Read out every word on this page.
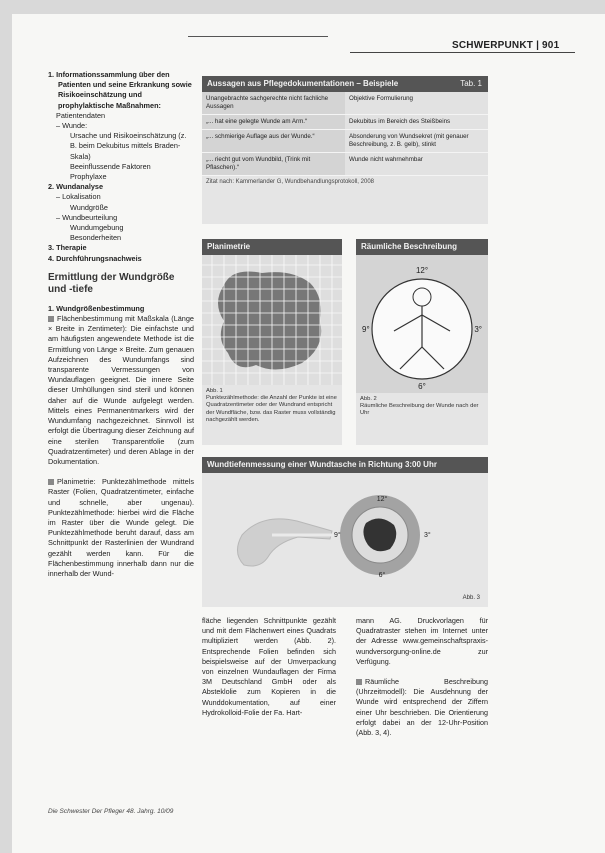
SCHWERPUNKT | 901
1. Informationssammlung über den Patienten und seine Erkrankung sowie Risikoeinschätzung und prophylaktische Maßnahmen:
Patientendaten
– Wunde:
Ursache und Risikoeinschätzung (z. B. beim Dekubitus mittels Braden-Skala)
Beeinflussende Faktoren
Prophylaxe
2. Wundanalyse
– Lokalisation
Wundgröße
– Wundbeurteilung
Wundumgebung
Besonderheiten
3. Therapie
4. Durchführungsnachweis
Ermittlung der Wundgröße und -tiefe
1. Wundgrößenbestimmung
Flächenbestimmung mit Maßskala (Länge × Breite in Zentimeter): Die einfachste und am häufigsten angewendete Methode ist die Ermittlung von Länge × Breite. Zum genauen Aufzeichnen des Wundumfangs sind transparente Vermessungen von Wundauflagen geeignet. Die innere Seite dieser Umhüllungen sind steril und können daher auf die Wunde aufgelegt werden. Mittels eines Permanentmarkers wird der Wundumfang nachgezeichnet. Sinnvoll ist erfolgt die Übertragung dieser Zeichnung auf eine sterilen Transparentfolie (zum Quadratzentimeter) und deren Ablage in der Dokumentation.
Planimetrie: Punktezählmethode mittels Raster (Folien, Quadratzentimeter, einfache und schnelle, aber ungenau). Punktezählmethode: hierbei wird die Fläche im Raster über die Wunde gelegt. Die Punktezählmethode beruht darauf, dass am Schnittpunkt der Rasterlinien der Wundrand gezählt werden kann. Für die Flächenbestimmung innerhalb dann nur die innerhalb der Wund-
Aussagen aus Pflegedokumentationen – Beispiele	Tab. 1
Unangebrachte sachgerechte nicht fachliche Aussagen	Objektive Formulierung
„... hat eine gelegte Wunde am Arm.“	Dekubitus im Bereich des Steißbeins
„... schmierige Auflage aus der Wunde.“	Absonderung von Wundsekret (mit genauer Beschreibung, z. B. gelb), stinkt
„... riecht gut vom Wundbild, (Trink mit Pflaschen).“	Wunde nicht wahrnehmbar
Zitat nach: Kammerlander G, Wundbehandlungsprotokoll, 2008
Planimetrie
Abb. 1
Punktezählmethode: die Anzahl der Punkte ist eine Quadratzentimeter oder der Wundrand entspricht der Wundfläche, bzw. das Raster muss vollständig nachgezählt werden.
Räumliche Beschreibung
12°
3°
6°
9°
Abb. 2
Räumliche Beschreibung der Wunde nach der Uhr
Wundtiefenmessung einer Wundtasche in Richtung 3:00 Uhr
12°
3°
6°
9°
Abb. 3
fläche liegenden Schnittpunkte gezählt und mit dem Flächenwert eines Quadrats multipliziert werden (Abb. 2). Entsprechende Folien befinden sich beispielsweise auf der Umverpackung von einzelnen Wundauflagen der Firma 3M Deutschland GmbH oder als Absteklolie zum Kopieren in die Wunddokumentation, auf einer Hydrokolloid-Folie der Fa. Hart-
mann AG. Druckvorlagen für Quadratraster stehen im Internet unter der Adresse www.gemeinschaftspraxis-wundversorgung-online.de zur Verfügung.
Räumliche Beschreibung (Uhrzeitmodell): Die Ausdehnung der Wunde wird entsprechend der Ziffern einer Uhr beschrieben. Die Orientierung erfolgt dabei an der 12-Uhr-Position (Abb. 3, 4).
Die Schwester Der Pfleger 48. Jahrg. 10/09
